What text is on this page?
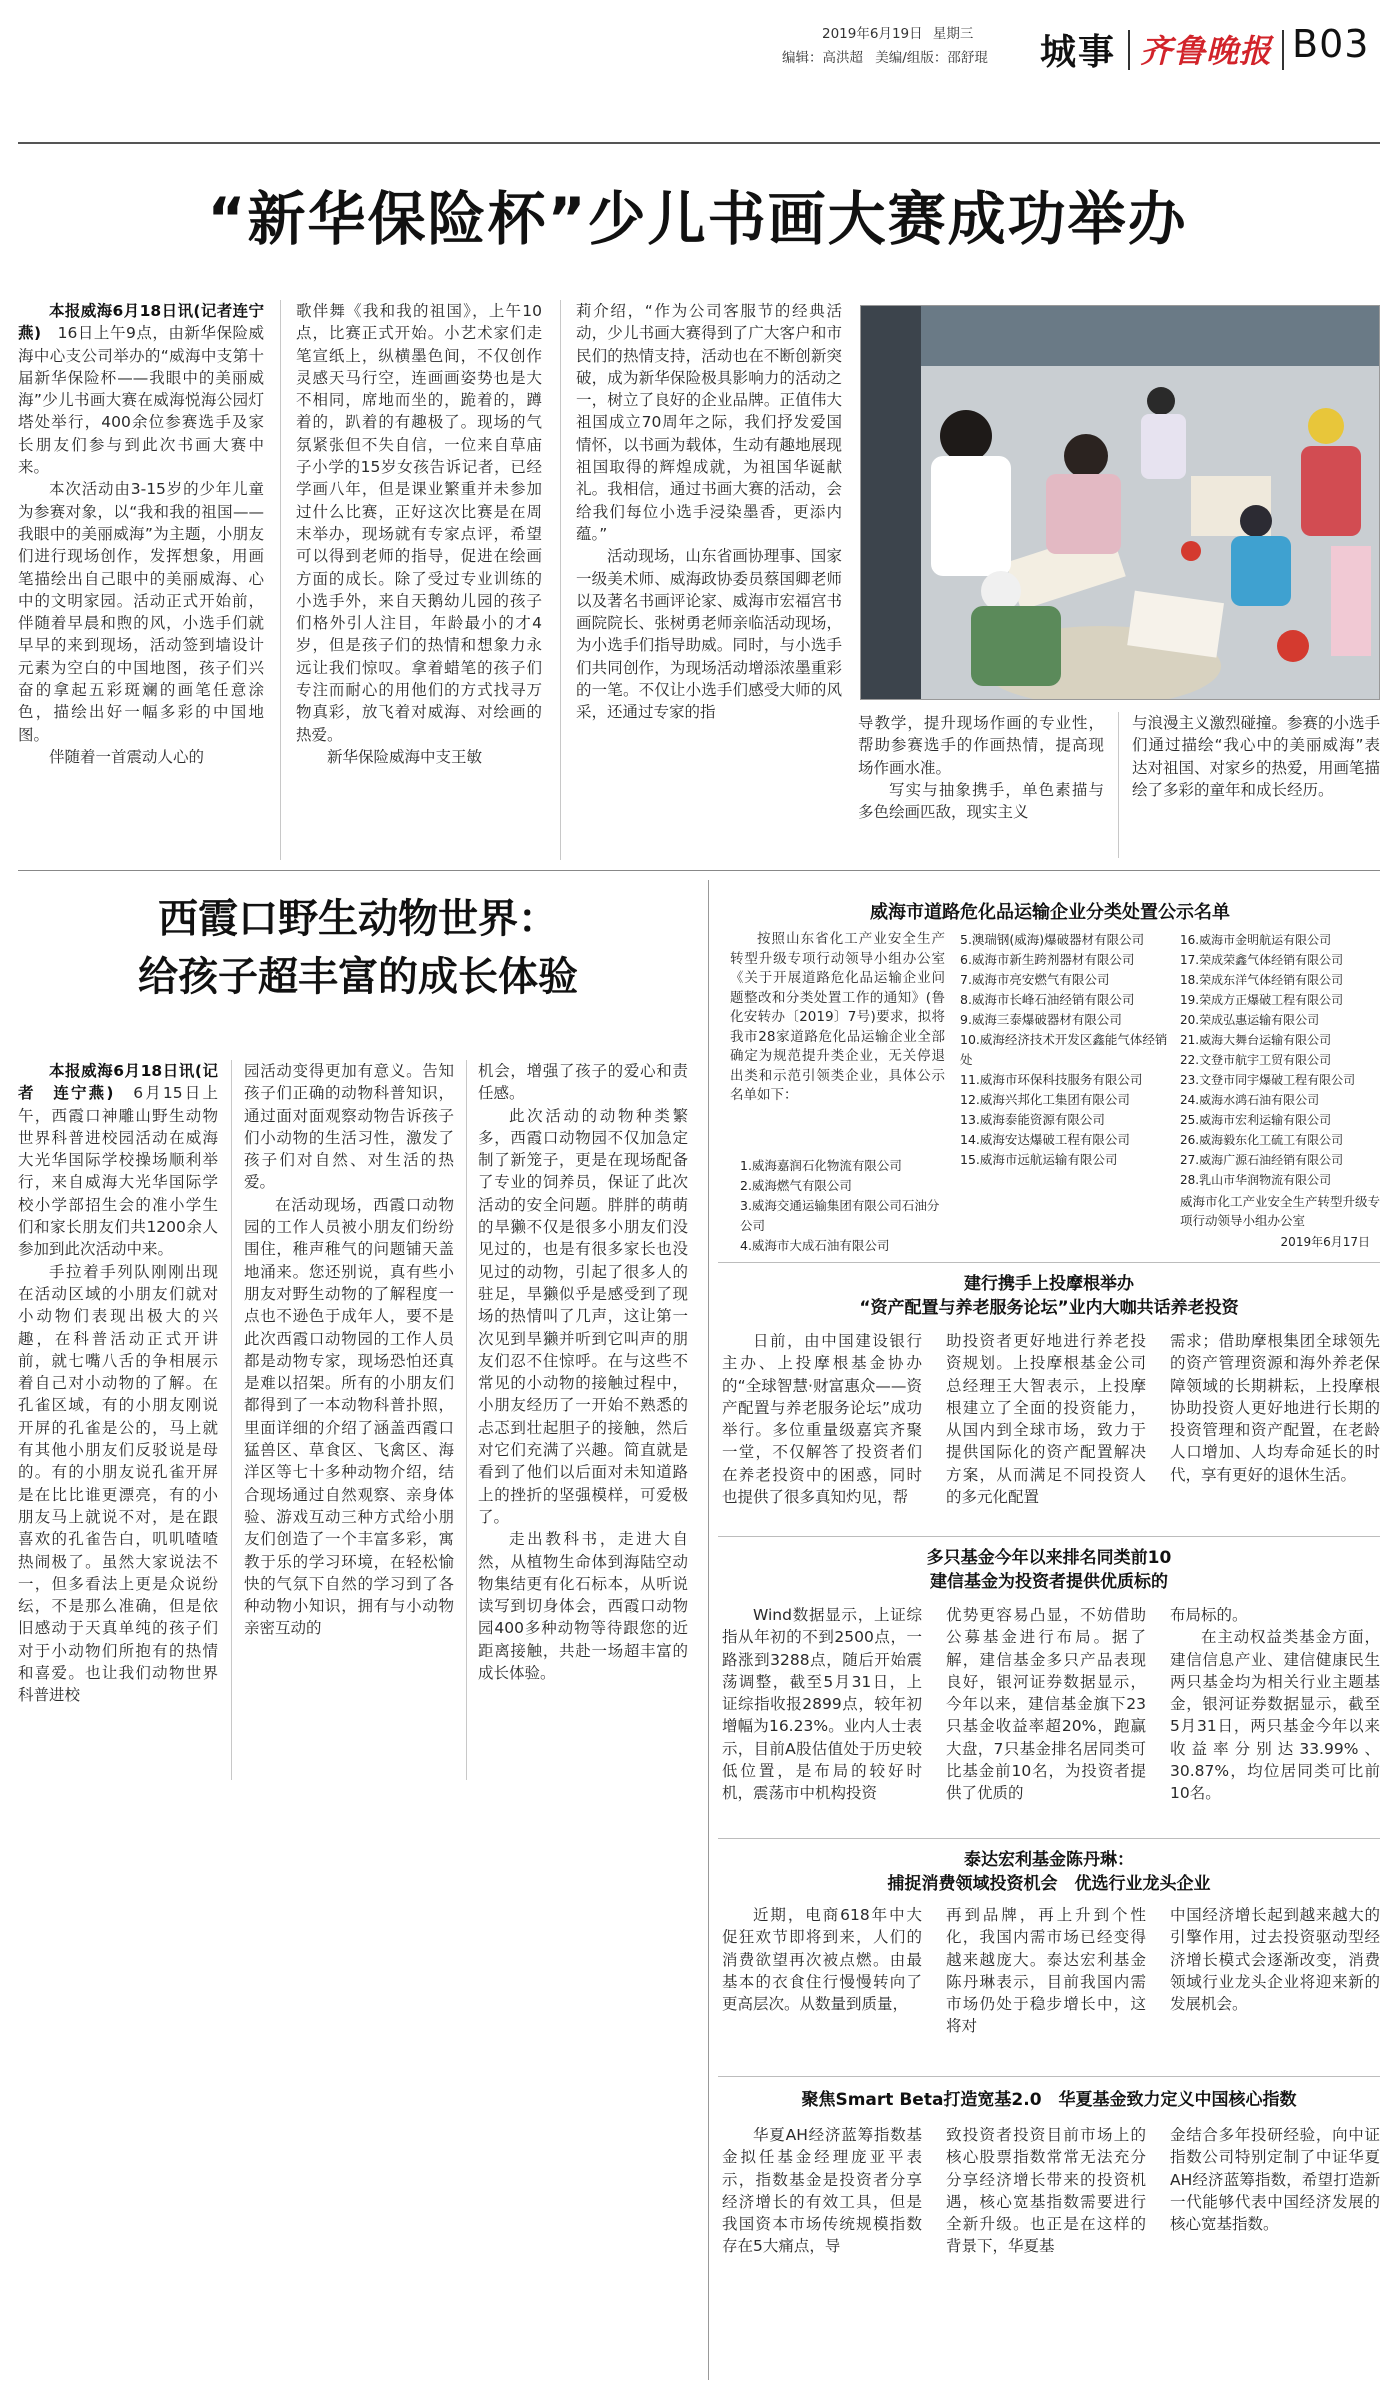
2019年6月19日 星期三
编辑：高洪超 美编/组版：邵舒琨 城事 齐鲁晚报 B03
“新华保险杯”少儿书画大赛成功举办

本报威海6月18日讯(记者连宁燕)　 16日上午9点，由新华保险威海中心支公司举办的“威海中支第十届新华保险杯——我眼中的美丽威海”少儿书画大赛在威海悦海公园灯塔处举行，400余位参赛选手及家长朋友们参与到此次书画大赛中来。

本次活动由3-15岁的少年儿童为参赛对象，以“我和我的祖国——我眼中的美丽威海”为主题，小朋友们进行现场创作，发挥想象，用画笔描绘出自己眼中的美丽威海、心中的文明家园。活动正式开始前，伴随着早晨和煦的风，小选手们就早早的来到现场，活动签到墙设计元素为空白的中国地图，孩子们兴奋的拿起五彩斑斓的画笔任意涂色，描绘出好一幅多彩的中国地图。

伴随着一首震动人心的

歌伴舞《我和我的祖国》，上午10点，比赛正式开始。小艺术家们走笔宣纸上，纵横墨色间，不仅创作灵感天马行空，连画画姿势也是大不相同，席地而坐的，跪着的，蹲着的，趴着的有趣极了。现场的气氛紧张但不失自信，一位来自草庙子小学的15岁女孩告诉记者，已经学画八年，但是课业繁重并未参加过什么比赛，正好这次比赛是在周末举办，现场就有专家点评，希望可以得到老师的指导，促进在绘画方面的成长。除了受过专业训练的小选手外，来自天鹅幼儿园的孩子们格外引人注目，年龄最小的才4岁，但是孩子们的热情和想象力永远让我们惊叹。拿着蜡笔的孩子们专注而耐心的用他们的方式找寻万物真彩，放飞着对威海、对绘画的热爱。

新华保险威海中支王敏

莉介绍，“作为公司客服节的经典活动，少儿书画大赛得到了广大客户和市民们的热情支持，活动也在不断创新突破，成为新华保险极具影响力的活动之一，树立了良好的企业品牌。正值伟大祖国成立70周年之际，我们抒发爱国情怀，以书画为载体，生动有趣地展现祖国取得的辉煌成就，为祖国华诞献礼。我相信，通过书画大赛的活动，会给我们每位小选手浸染墨香，更添内蕴。”

活动现场，山东省画协理事、国家一级美术师、威海政协委员蔡国卿老师以及著名书画评论家、威海市宏福宫书画院院长、张树勇老师亲临活动现场，为小选手们指导助威。同时，与小选手们共同创作，为现场活动增添浓墨重彩的一笔。不仅让小选手们感受大师的风采，还通过专家的指

导教学，提升现场作画的专业性，帮助参赛选手的作画热情，提高现场作画水准。

写实与抽象携手，单色素描与多色绘画匹敌，现实主义

与浪漫主义激烈碰撞。参赛的小选手们通过描绘“我心中的美丽威海”表达对祖国、对家乡的热爱，用画笔描绘了多彩的童年和成长经历。

西霞口野生动物世界：
给孩子超丰富的成长体验

本报威海6月18日讯(记者　连宁燕)　 6月15日上午，西霞口神雕山野生动物世界科普进校园活动在威海大光华国际学校操场顺利举行，来自威海大光华国际学校小学部招生会的准小学生们和家长朋友们共1200余人参加到此次活动中来。

手拉着手列队刚刚出现在活动区域的小朋友们就对小动物们表现出极大的兴趣，在科普活动正式开讲前，就七嘴八舌的争相展示着自己对小动物的了解。在孔雀区域，有的小朋友刚说开屏的孔雀是公的，马上就有其他小朋友们反驳说是母的。有的小朋友说孔雀开屏是在比比谁更漂亮，有的小朋友马上就说不对，是在跟喜欢的孔雀告白，叽叽喳喳热闹极了。虽然大家说法不一，但多看法上更是众说纷纭，不是那么准确，但是依旧感动于天真单纯的孩子们对于小动物们所抱有的热情和喜爱。也让我们动物世界科普进校

园活动变得更加有意义。告知孩子们正确的动物科普知识，通过面对面观察动物告诉孩子们小动物的生活习性，激发了孩子们对自然、对生活的热爱。

在活动现场，西霞口动物园的工作人员被小朋友们纷纷围住，稚声稚气的问题铺天盖地涌来。您还别说，真有些小朋友对野生动物的了解程度一点也不逊色于成年人，要不是此次西霞口动物园的工作人员都是动物专家，现场恐怕还真是难以招架。所有的小朋友们都得到了一本动物科普扑照，里面详细的介绍了涵盖西霞口猛兽区、草食区、飞禽区、海洋区等七十多种动物介绍，结合现场通过自然观察、亲身体验、游戏互动三种方式给小朋友们创造了一个丰富多彩，寓教于乐的学习环境，在轻松愉快的气氛下自然的学习到了各种动物小知识，拥有与小动物亲密互动的

机会，增强了孩子的爱心和责任感。

此次活动的动物种类繁多，西霞口动物园不仅加急定制了新笼子，更是在现场配备了专业的饲养员，保证了此次活动的安全问题。胖胖的萌萌的旱獭不仅是很多小朋友们没见过的，也是有很多家长也没见过的动物，引起了很多人的驻足，旱獭似乎是感受到了现场的热情叫了几声，这让第一次见到旱獭并听到它叫声的朋友们忍不住惊呼。在与这些不常见的小动物的接触过程中，小朋友经历了一开始不熟悉的忐忑到壮起胆子的接触，然后对它们充满了兴趣。简直就是看到了他们以后面对未知道路上的挫折的坚强模样，可爱极了。

走出教科书，走进大自然，从植物生命体到海陆空动物集结更有化石标本，从听说读写到切身体会，西霞口动物园400多种动物等待跟您的近距离接触，共赴一场超丰富的成长体验。

威海市道路危化品运输企业分类处置公示名单

按照山东省化工产业安全生产转型升级专项行动领导小组办公室《关于开展道路危化品运输企业问题整改和分类处置工作的通知》(鲁化安转办〔2019〕7号)要求，拟将我市28家道路危化品运输企业全部确定为规范提升类企业，无关停退出类和示范引领类企业，具体公示名单如下：

1.威海嘉润石化物流有限公司
2.威海燃气有限公司
3.威海交通运输集团有限公司石油分公司
4.威海市大成石油有限公司
5.澳瑞钢(威海)爆破器材有限公司
6.威海市新生跨剂器材有限公司
7.威海市亮安燃气有限公司
8.威海市长峰石油经销有限公司
9.威海三泰爆破器材有限公司
10.威海经济技术开发区鑫能气体经销处
11.威海市环保科技服务有限公司
12.威海兴邦化工集团有限公司
13.威海泰能资源有限公司
14.威海安达爆破工程有限公司
15.威海市远航运输有限公司
16.威海市金明航运有限公司
17.荣成荣鑫气体经销有限公司
18.荣成东洋气体经销有限公司
19.荣成方正爆破工程有限公司
20.荣成弘惠运输有限公司
21.威海大舞台运输有限公司
22.文登市航宇工贸有限公司
23.文登市同宇爆破工程有限公司
24.威海水鸿石油有限公司
25.威海市宏利运输有限公司
26.威海毅东化工硫工有限公司
27.威海广源石油经销有限公司
28.乳山市华润物流有限公司
威海市化工产业安全生产转型升级专项行动领导小组办公室
2019年6月17日
建行携手上投摩根举办
“资产配置与养老服务论坛”业内大咖共话养老投资

日前，由中国建设银行主办、上投摩根基金协办的“全球智慧·财富惠众——资产配置与养老服务论坛”成功举行。多位重量级嘉宾齐聚一堂，不仅解答了投资者们在养老投资中的困惑，同时也提供了很多真知灼见，帮

助投资者更好地进行养老投资规划。上投摩根基金公司总经理王大智表示，上投摩根建立了全面的投资能力，从国内到全球市场，致力于提供国际化的资产配置解决方案，从而满足不同投资人的多元化配置

需求；借助摩根集团全球领先的资产管理资源和海外养老保障领域的长期耕耘，上投摩根协助投资人更好地进行长期的投资管理和资产配置，在老龄人口增加、人均寿命延长的时代，享有更好的退休生活。

多只基金今年以来排名同类前10
建信基金为投资者提供优质标的

Wind数据显示，上证综指从年初的不到2500点，一路涨到3288点，随后开始震荡调整，截至5月31日，上证综指收报2899点，较年初增幅为16.23%。业内人士表示，目前A股估值处于历史较低位置，是布局的较好时机，震荡市中机构投资

优势更容易凸显，不妨借助公募基金进行布局。据了解，建信基金多只产品表现良好，银河证券数据显示，今年以来，建信基金旗下23只基金收益率超20%，跑赢大盘，7只基金排名居同类可比基金前10名，为投资者提供了优质的

布局标的。

在主动权益类基金方面，建信信息产业、建信健康民生两只基金均为相关行业主题基金，银河证券数据显示，截至5月31日，两只基金今年以来收益率分别达33.99%、30.87%，均位居同类可比前10名。

泰达宏利基金陈丹琳：
捕捉消费领域投资机会　优选行业龙头企业

近期，电商618年中大促狂欢节即将到来，人们的消费欲望再次被点燃。由最基本的衣食住行慢慢转向了更高层次。从数量到质量，

再到品牌，再上升到个性化，我国内需市场已经变得越来越庞大。泰达宏利基金陈丹琳表示，目前我国内需市场仍处于稳步增长中，这将对

中国经济增长起到越来越大的引擎作用，过去投资驱动型经济增长模式会逐渐改变，消费领域行业龙头企业将迎来新的发展机会。

聚焦Smart Beta打造宽基2.0　华夏基金致力定义中国核心指数

华夏AH经济蓝筹指数基金拟任基金经理庞亚平表示，指数基金是投资者分享经济增长的有效工具，但是我国资本市场传统规模指数存在5大痛点，导

致投资者投资目前市场上的核心股票指数常常无法充分分享经济增长带来的投资机遇，核心宽基指数需要进行全新升级。也正是在这样的背景下，华夏基

金结合多年投研经验，向中证指数公司特别定制了中证华夏AH经济蓝筹指数，希望打造新一代能够代表中国经济发展的核心宽基指数。
